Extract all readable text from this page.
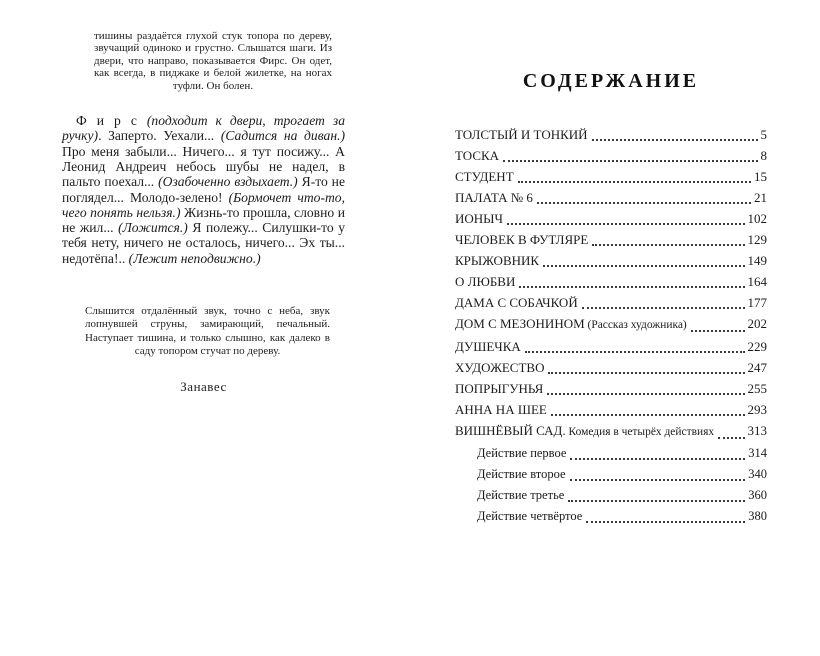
тишины раздаётся глухой стук топора по дереву, звучащий одиноко и грустно. Слышатся шаги. Из двери, что направо, показывается Фирс. Он одет, как всегда, в пиджаке и белой жилетке, на ногах туфли. Он болен.

Ф и р с (подходит к двери, трогает за ручку). Заперто. Уехали... (Садится на диван.) Про меня забыли... Ничего... я тут посижу... А Леонид Андреич небось шубы не надел, в пальто поехал... (Озабоченно вздыхает.) Я-то не поглядел... Молодо-зелено! (Бормочет что-то, чего понять нельзя.) Жизнь-то прошла, словно и не жил... (Ложится.) Я полежу... Силушки-то у тебя нету, ничего не осталось, ничего... Эх ты... недотёпа!.. (Лежит неподвижно.)

Слышится отдалённый звук, точно с неба, звук лопнувшей струны, замирающий, печальный. Наступает тишина, и только слышно, как далеко в саду топором стучат по дереву.

Занавес

СОДЕРЖАНИЕ
ТОЛСТЫЙ И ТОНКИЙ	5
ТОСКА	8
СТУДЕНТ	15
ПАЛАТА № 6	21
ИОНЫЧ	102
ЧЕЛОВЕК В ФУТЛЯРЕ	129
КРЫЖОВНИК	149
О ЛЮБВИ	164
ДАМА С СОБАЧКОЙ	177
ДОМ С МЕЗОНИНОМ (Рассказ художника)	202
ДУШЕЧКА	229
ХУДОЖЕСТВО	247
ПОПРЫГУНЬЯ	255
АННА НА ШЕЕ	293
ВИШНЁВЫЙ САД. Комедия в четырёх действиях	313
Действие первое	314
Действие второе	340
Действие третье	360
Действие четвёртое	380
